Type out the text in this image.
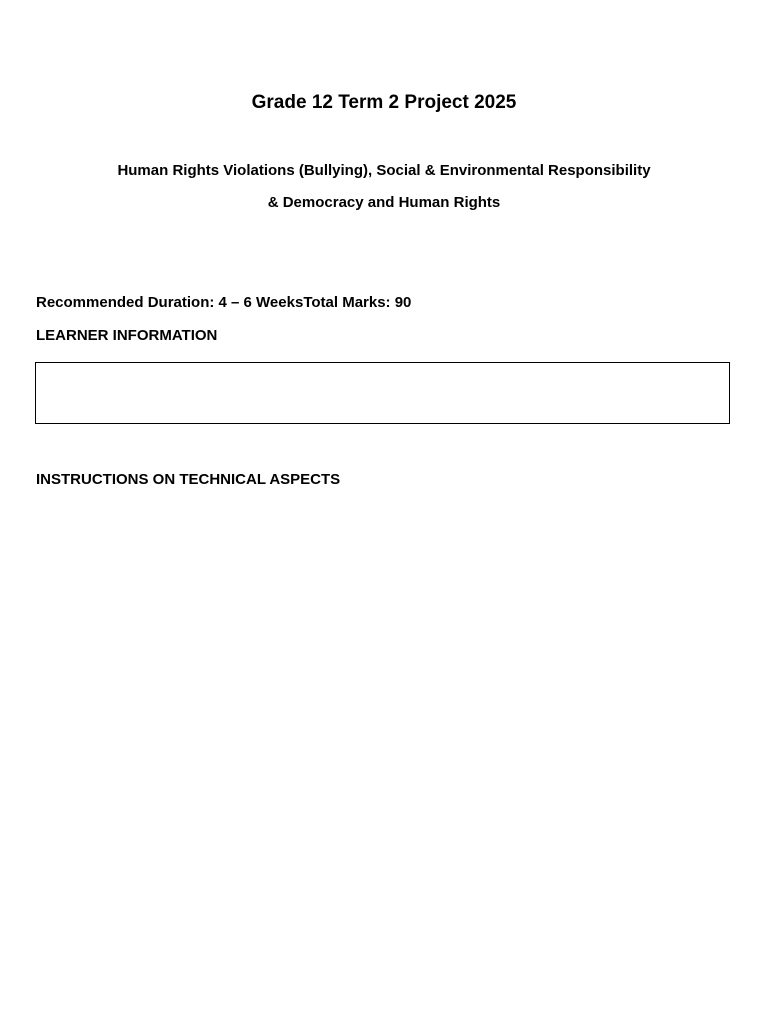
Grade 12 Term 2 Project 2025

Human Rights Violations (Bullying), Social & Environmental Responsibility

& Democracy and Human Rights

Recommended Duration: 4 – 6 WeeksTotal Marks: 90

LEARNER INFORMATION

INSTRUCTIONS ON TECHNICAL ASPECTS
